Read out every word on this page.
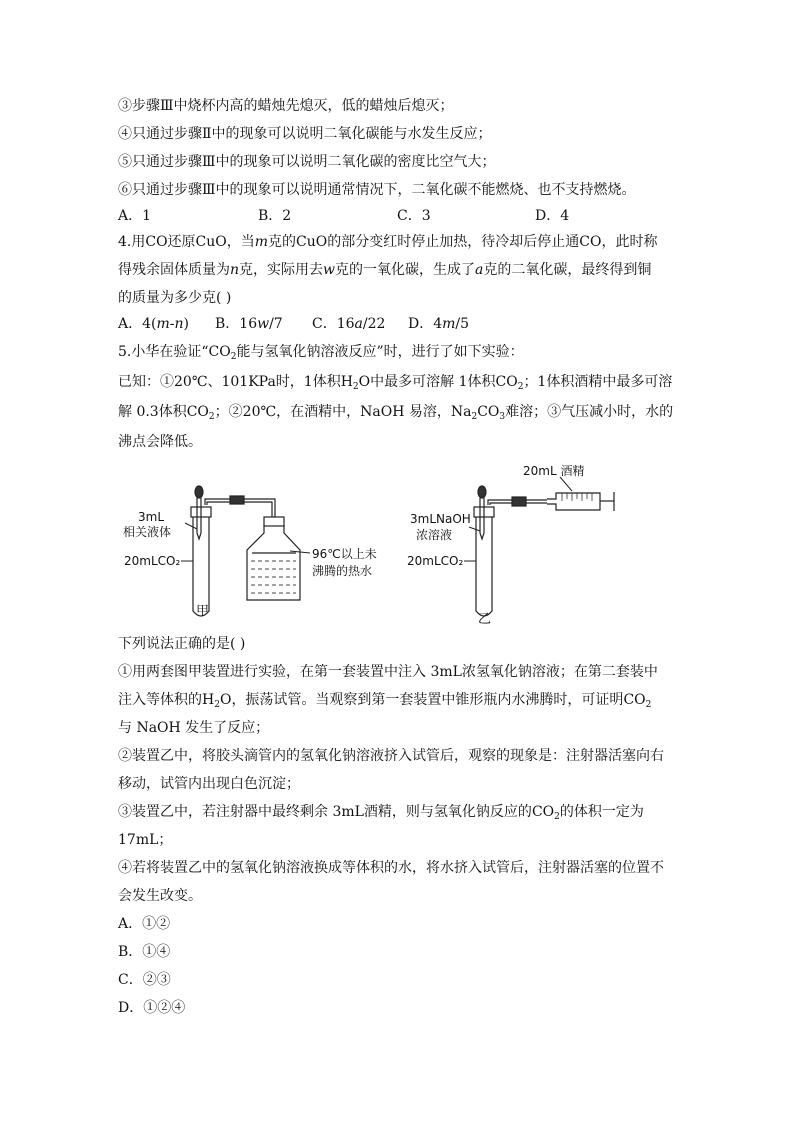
③步骤Ⅲ中烧杯内高的蜡烛先熄灭，低的蜡烛后熄灭；
④只通过步骤Ⅱ中的现象可以说明二氧化碳能与水发生反应；
⑤只通过步骤Ⅲ中的现象可以说明二氧化碳的密度比空气大；
⑥只通过步骤Ⅲ中的现象可以说明通常情况下，二氧化碳不能燃烧、也不支持燃烧。
A．1	B．2	C．3	D．4
4.用CO还原CuO，当m克的CuO的部分变红时停止加热，待冷却后停止通CO，此时称
得残余固体质量为n克，实际用去w克的一氧化碳，生成了a克的二氧化碳，最终得到铜
的质量为多少克( )
A．4(m-n) B．16w/7 C．16a/22 D．4m/5
5.小华在验证“$CO_2$能与氢氧化钠溶液反应”时，进行了如下实验：
已知：①20℃、101KPa时，1体积$H_2O$中最多可溶解 1体积$CO_2$；1体积酒精中最多可溶
解 0.3体积$CO_2$；②20℃，在酒精中，NaOH 易溶，$Na_2CO_3$难溶；③气压减小时，水的
沸点会降低。
3mL
相关液体
20mLCO₂	96℃以上未
沸腾的热水
甲
20mL 酒精
3mLNaOH
浓溶液
20mLCO₂
乙
下列说法正确的是( )
①用两套图甲装置进行实验，在第一套装置中注入 3mL浓氢氧化钠溶液；在第二套装中
注入等体积的$H_2O$，振荡试管。当观察到第一套装置中锥形瓶内水沸腾时，可证明$CO_2$
与 NaOH 发生了反应；
②装置乙中，将胶头滴管内的氢氧化钠溶液挤入试管后，观察的现象是：注射器活塞向右
移动，试管内出现白色沉淀；
③装置乙中，若注射器中最终剩余 3mL酒精，则与氢氧化钠反应的$CO_2$的体积一定为
17mL；
④若将装置乙中的氢氧化钠溶液换成等体积的水，将水挤入试管后，注射器活塞的位置不
会发生改变。
A．①②
B．①④
C．②③
D．①②④
